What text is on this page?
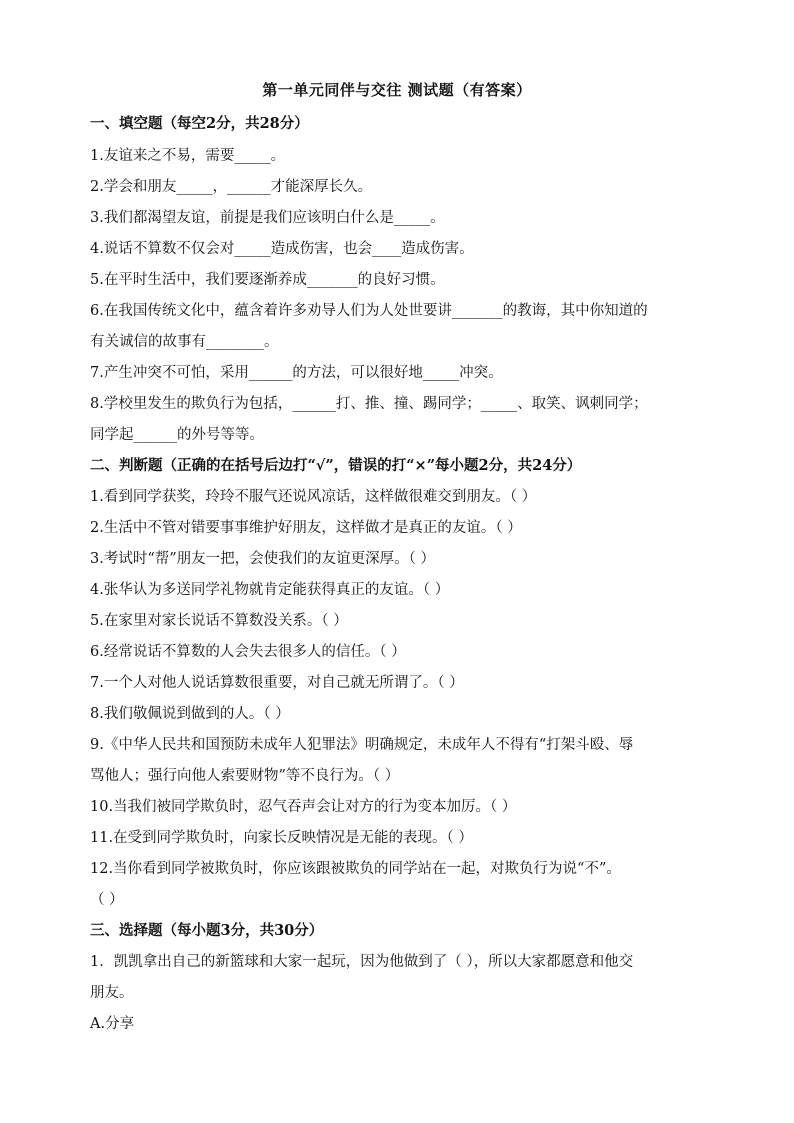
第一单元同伴与交往 测试题（有答案）
一、填空题（每空2分，共28分）
1.友谊来之不易，需要_____。
2.学会和朋友_____，______才能深厚长久。
3.我们都渴望友谊，前提是我们应该明白什么是_____。
4.说话不算数不仅会对_____造成伤害，也会____造成伤害。
5.在平时生活中，我们要逐渐养成_______的良好习惯。
6.在我国传统文化中，蕴含着许多劝导人们为人处世要讲_______的教诲，其中你知道的
有关诚信的故事有________。
7.产生冲突不可怕，采用______的方法，可以很好地_____冲突。
8.学校里发生的欺负行为包括，______打、推、撞、踢同学；_____、取笑、讽刺同学；
同学起______的外号等等。
二、判断题（正确的在括号后边打“√”，错误的打“×”每小题2分，共24分）
1.看到同学获奖，玲玲不服气还说风凉话，这样做很难交到朋友。（ ）
2.生活中不管对错要事事维护好朋友，这样做才是真正的友谊。（ ）
3.考试时“帮”朋友一把，会使我们的友谊更深厚。（ ）
4.张华认为多送同学礼物就肯定能获得真正的友谊。（ ）
5.在家里对家长说话不算数没关系。（ ）
6.经常说话不算数的人会失去很多人的信任。（ ）
7.一个人对他人说话算数很重要，对自己就无所谓了。（ ）
8.我们敬佩说到做到的人。（ ）
9.《中华人民共和国预防未成年人犯罪法》明确规定，未成年人不得有“打架斗殴、辱
骂他人；强行向他人索要财物”等不良行为。（ ）
10.当我们被同学欺负时，忍气吞声会让对方的行为变本加厉。（ ）
11.在受到同学欺负时，向家长反映情况是无能的表现。（ ）
12.当你看到同学被欺负时，你应该跟被欺负的同学站在一起，对欺负行为说“不”。
（ ）
三、选择题（每小题3分，共30分）
1．凯凯拿出自己的新篮球和大家一起玩，因为他做到了（ ），所以大家都愿意和他交
朋友。
A.分享
